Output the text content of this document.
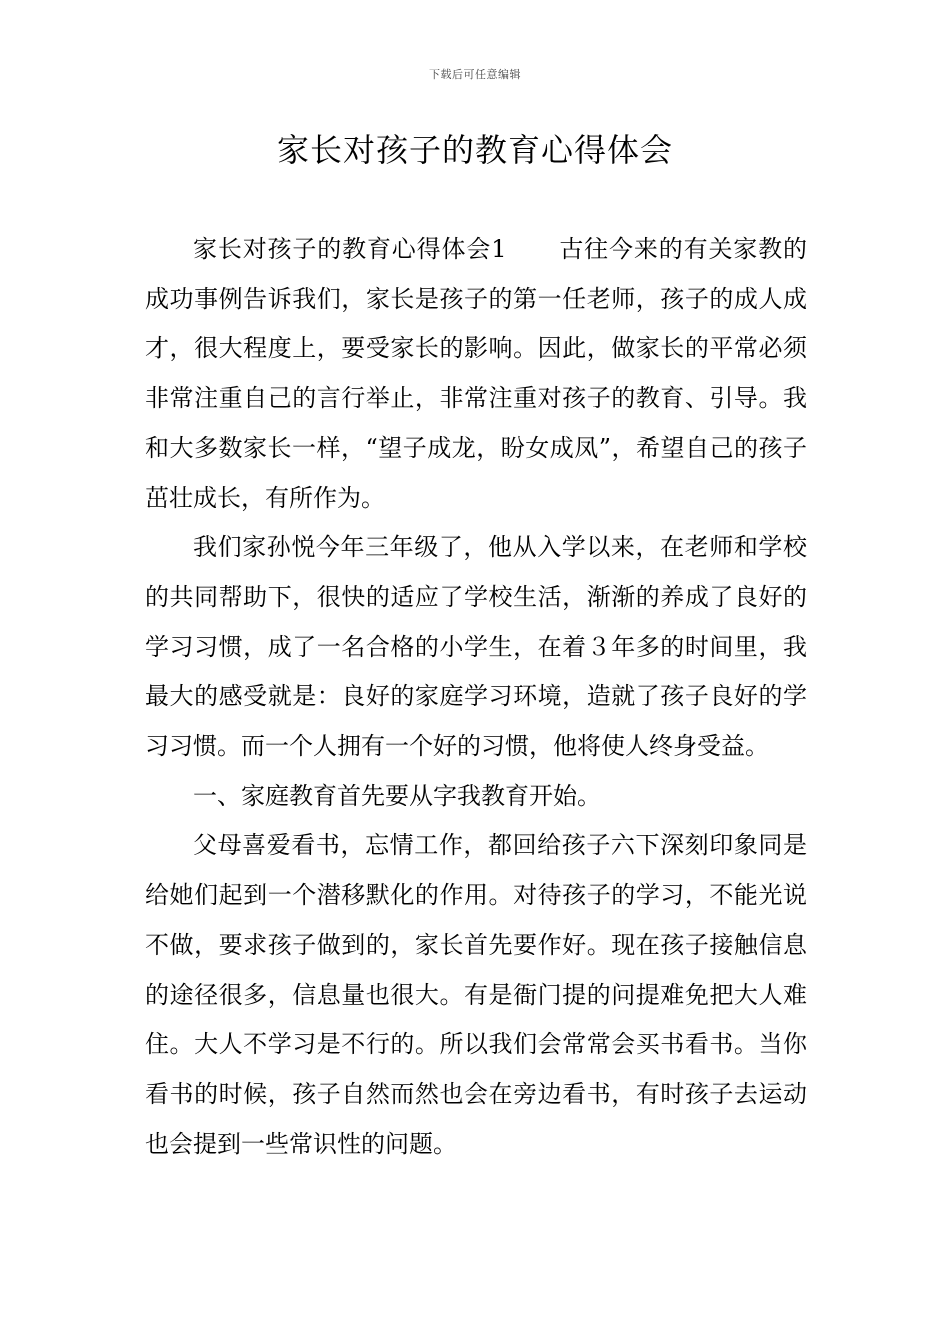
下载后可任意编辑
家长对孩子的教育心得体会

家长对孩子的教育心得体会1 古往今来的有关家教的成功事例告诉我们，家长是孩子的第一任老师，孩子的成人成才，很大程度上，要受家长的影响。因此，做家长的平常必须非常注重自己的言行举止，非常注重对孩子的教育、引导。我和大多数家长一样，“望子成龙，盼女成凤”，希望自己的孩子茁壮成长，有所作为。

我们家孙悦今年三年级了，他从入学以来，在老师和学校的共同帮助下，很快的适应了学校生活，渐渐的养成了良好的学习习惯，成了一名合格的小学生，在着３年多的时间里，我最大的感受就是：良好的家庭学习环境，造就了孩子良好的学习习惯。而一个人拥有一个好的习惯，他将使人终身受益。

一、家庭教育首先要从字我教育开始。

父母喜爱看书，忘情工作，都回给孩子六下深刻印象同是给她们起到一个潜移默化的作用。对待孩子的学习，不能光说不做，要求孩子做到的，家长首先要作好。现在孩子接触信息的途径很多，信息量也很大。有是衙门提的问提难免把大人难住。大人不学习是不行的。所以我们会常常会买书看书。当你看书的时候，孩子自然而然也会在旁边看书，有时孩子去运动也会提到一些常识性的问题。
